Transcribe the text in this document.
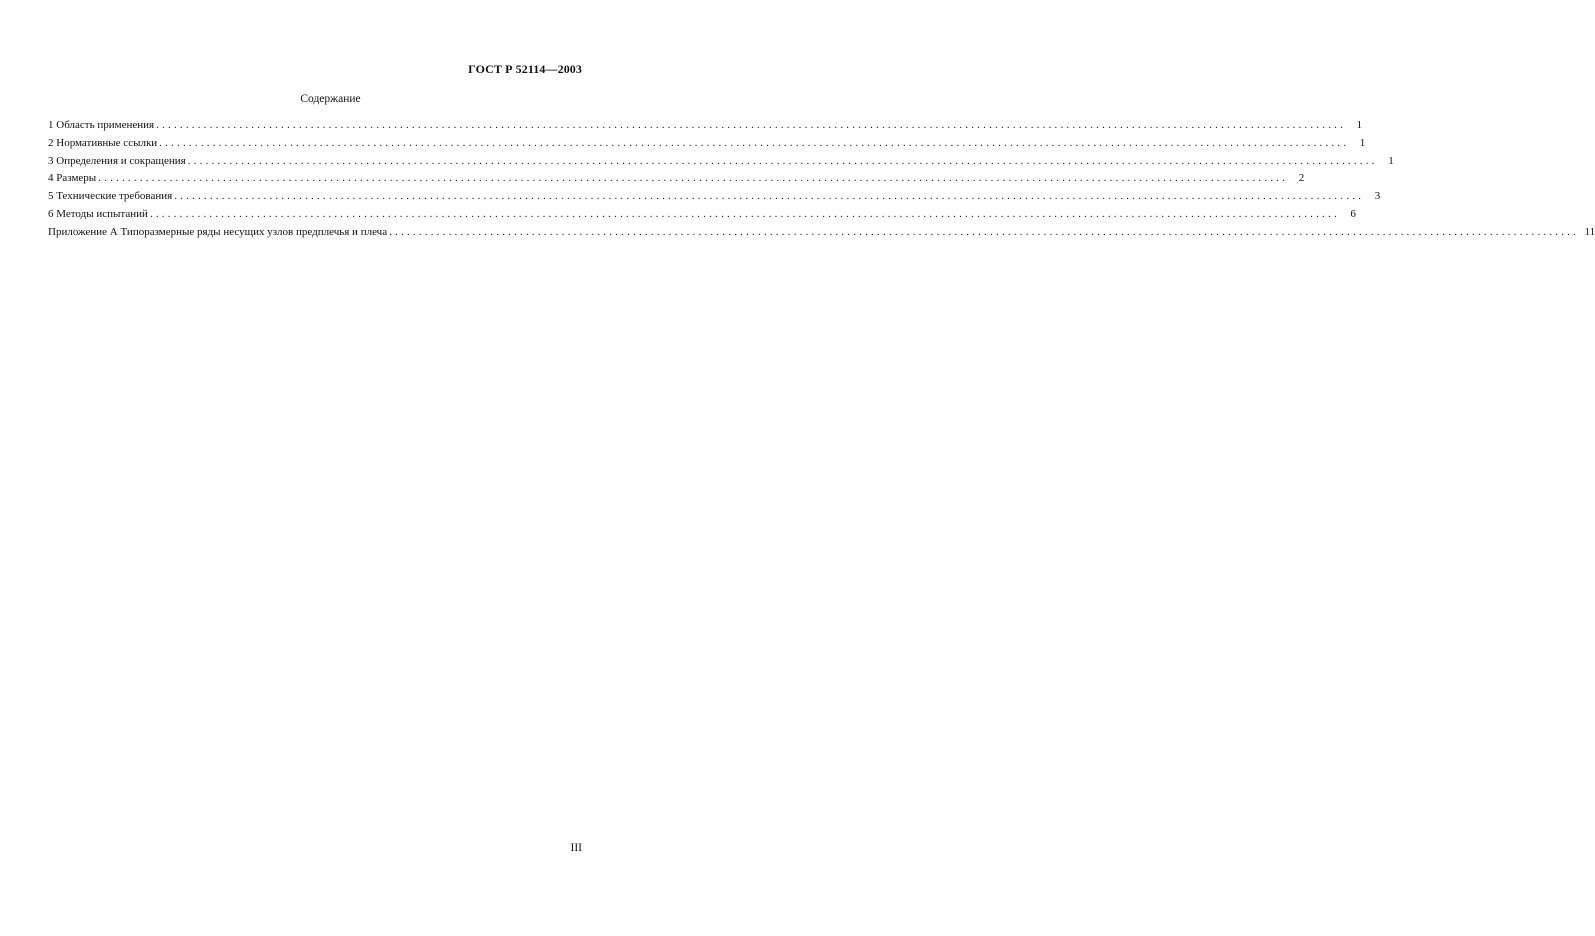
ГОСТ Р 52114—2003
Содержание
1 Область применения ........................................................................................................................................................................................................ 1
2 Нормативные ссылки ........................................................................................................................................................................................................ 1
3 Определения и сокращения ........................................................................................................................................................................................................ 1
4 Размеры ........................................................................................................................................................................................................ 2
5 Технические требования ........................................................................................................................................................................................................ 3
6 Методы испытаний ........................................................................................................................................................................................................ 6
Приложение А Типоразмерные ряды несущих узлов предплечья и плеча ........................................................................................................................................................................................................ 11
III
